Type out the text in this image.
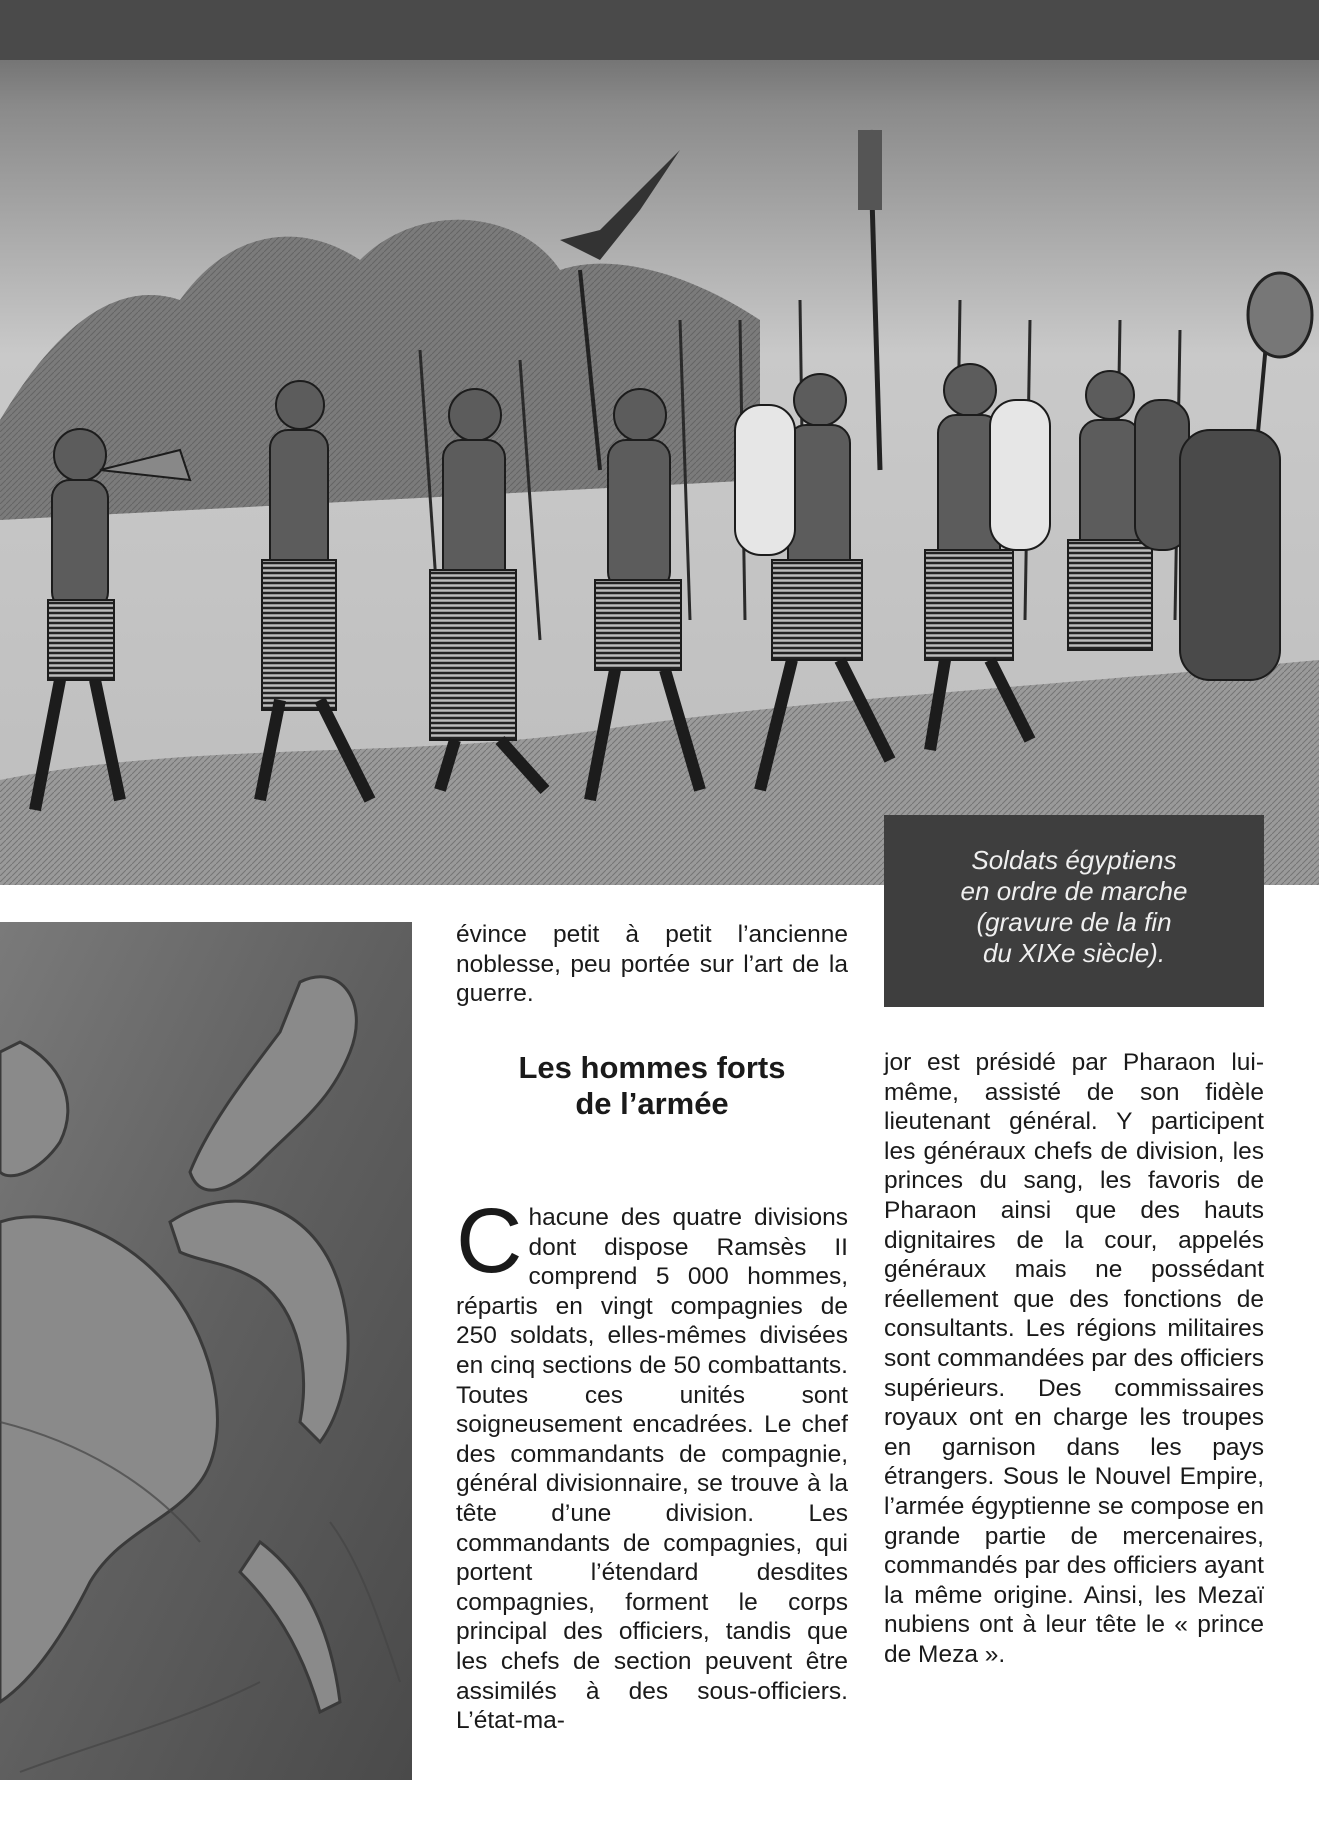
Soldats égyptiens
en ordre de marche
(gravure de la fin
du XIXe siècle).

évince petit à petit l’ancienne noblesse, peu portée sur l’art de la guerre.

Les hommes forts
de l’armée

Chacune des quatre divisions dont dispose Ramsès II comprend 5 000 hommes, répartis en vingt compagnies de 250 soldats, elles-mêmes divisées en cinq sections de 50 combattants. Toutes ces unités sont soigneusement encadrées. Le chef des commandants de compagnie, général divisionnaire, se trouve à la tête d’une division. Les commandants de compagnies, qui portent l’étendard desdites compagnies, forment le corps principal des officiers, tandis que les chefs de section peuvent être assimilés à des sous-officiers. L’état-ma-

jor est présidé par Pharaon lui-même, assisté de son fidèle lieutenant général. Y participent les généraux chefs de division, les princes du sang, les favoris de Pharaon ainsi que des hauts dignitaires de la cour, appelés généraux mais ne possédant réellement que des fonctions de consultants. Les régions militaires sont commandées par des officiers supérieurs. Des commissaires royaux ont en charge les troupes en garnison dans les pays étrangers. Sous le Nouvel Empire, l’armée égyptienne se compose en grande partie de mercenaires, commandés par des officiers ayant la même origine. Ainsi, les Mezaï nubiens ont à leur tête le « prince de Meza ».
